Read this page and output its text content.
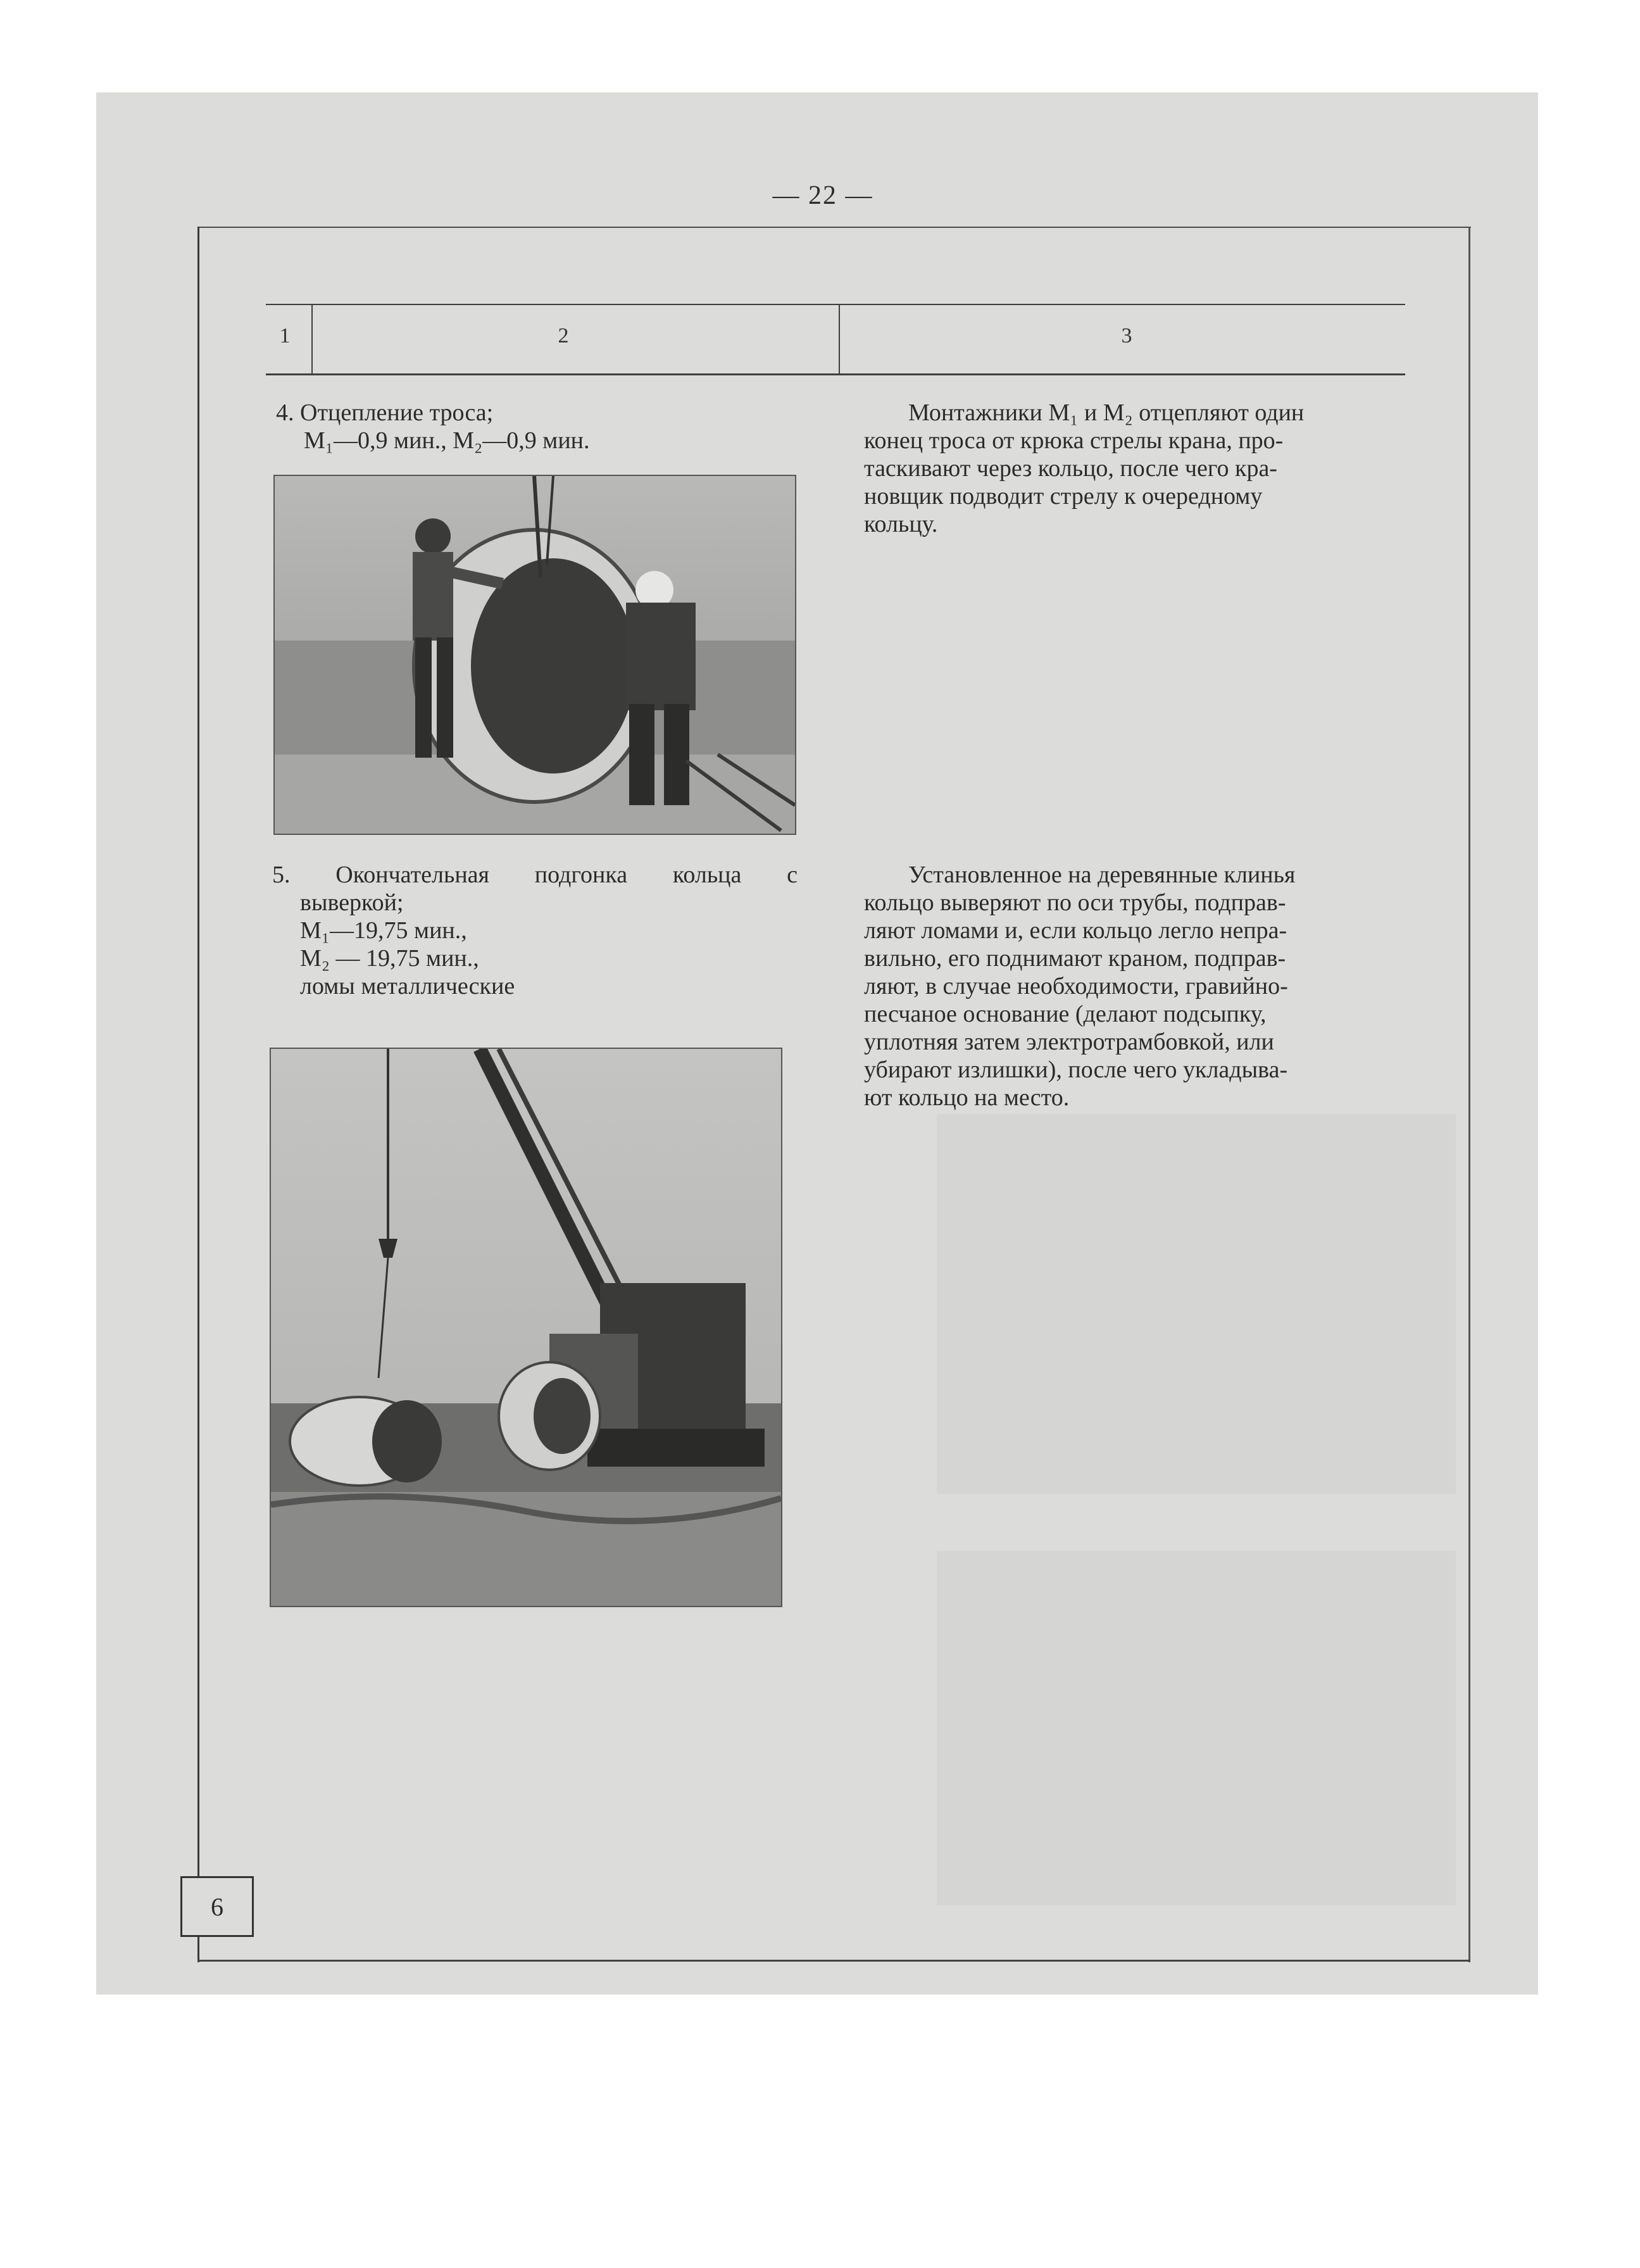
— 22 —
1	2	3
4. Отцепление троса;
М₁—0,9 мин., М₂—0,9 мин.
Монтажники М₁ и М₂ отцепляют один
конец троса от крюка стрелы крана, про-
таскивают через кольцо, после чего кра-
новщик подводит стрелу к очередному
кольцу.
5. Окончательная подгонка кольца с
выверкой;
М₁—19,75 мин.,
М₂ — 19,75 мин.,
ломы металлические
Установленное на деревянные клинья
кольцо выверяют по оси трубы, подправ-
ляют ломами и, если кольцо легло непра-
вильно, его поднимают краном, подправ-
ляют, в случае необходимости, гравийно-
песчаное основание (делают подсыпку,
уплотняя затем электротрамбовкой, или
убирают излишки), после чего укладыва-
ют кольцо на место.
6
